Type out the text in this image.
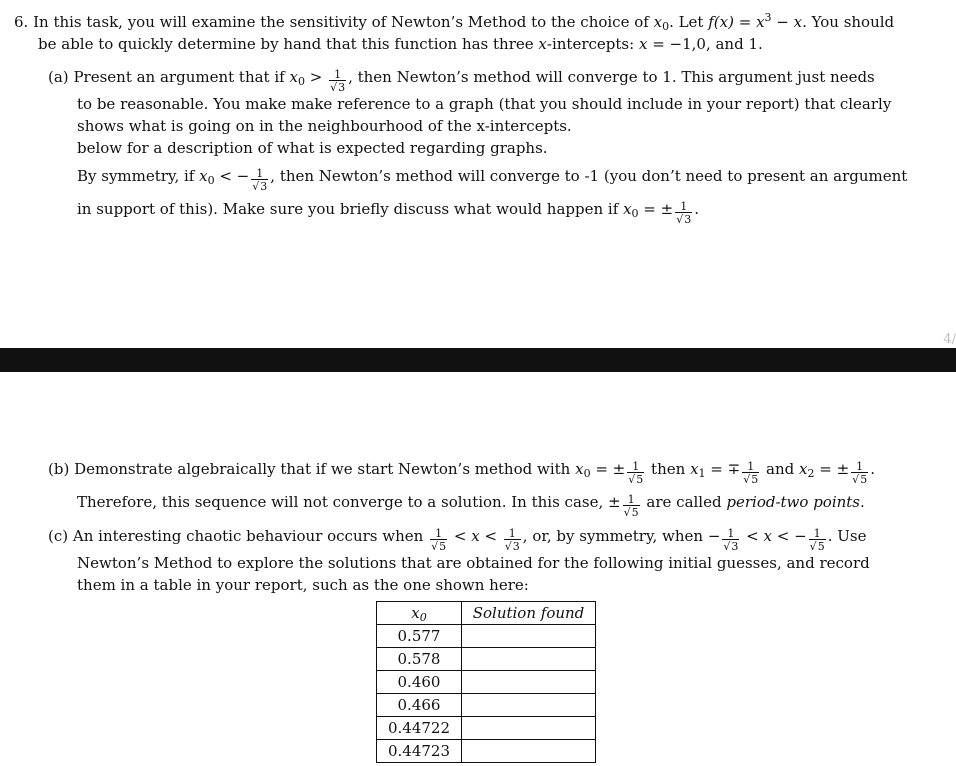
6. In this task, you will examine the sensitivity of Newton’s Method to the choice of $x_0$. Let $f(x) = x^3 - x$. You should
be able to quickly determine by hand that this function has three x-intercepts: x = −1,0, and 1.
(a) Present an argument that if $x_0 > \frac{1}{√3}$ , then Newton’s method will converge to 1. This argument just needs
to be reasonable. You make make reference to a graph (that you should include in your report) that clearly
shows what is going on in the neighbourhood of the x-intercepts.
below for a description of what is expected regarding graphs.
By symmetry, if $x_0$ < − $\frac{1}{√3}$ , then Newton’s method will converge to -1 (you don’t need to present an argument
in support of this). Make sure you briefly discuss what would happen if $x_0$ = ± $\frac{1}{√3}$ .
4/
(b) Demonstrate algebraically that if we start Newton’s method with $x_0$ = ± $\frac{1}{√5}$ then $x_1$ = ∓ $\frac{1}{√5}$ and $x_2$ = ± $\frac{1}{√5}$ .
Therefore, this sequence will not converge to a solution. In this case, ± $\frac{1}{√5}$ are called period-two points.
(c) An interesting chaotic behaviour occurs when $\frac{1}{√5} < x < \frac{1}{√3}$ , or, by symmetry, when − $\frac{1}{√3} < x$ < − $\frac{1}{√5}$ . Use
Newton’s Method to explore the solutions that are obtained for the following initial guesses, and record
them in a table in your report, such as the one shown here:
$x_0$	Solution found
0.577	
0.578	
0.460	
0.466	
0.44722	
0.44723	
